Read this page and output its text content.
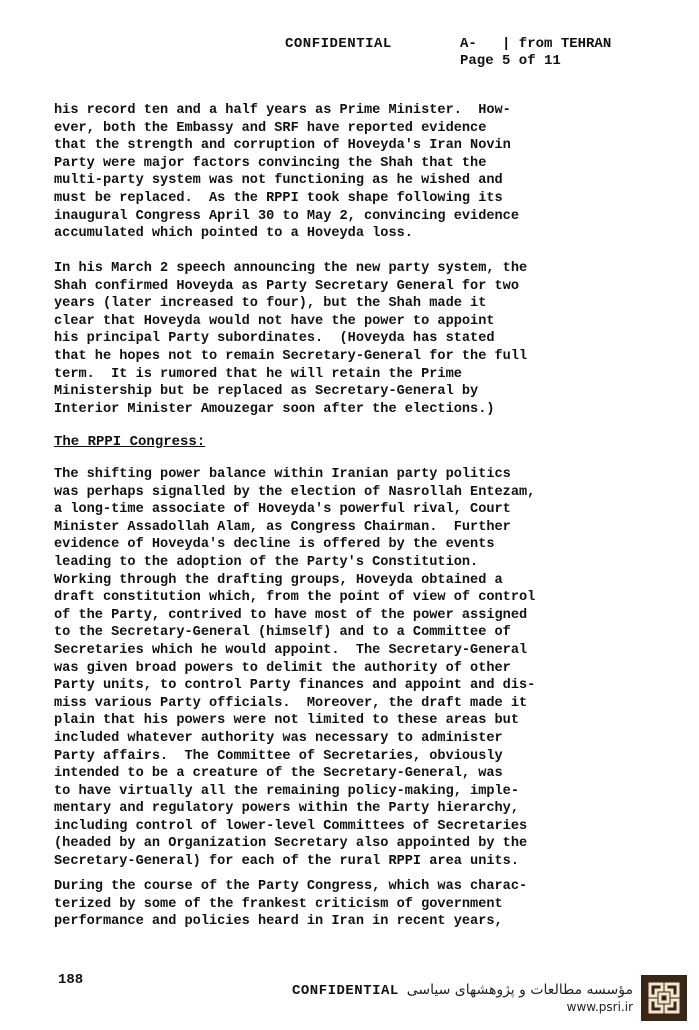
CONFIDENTIAL	A-   | from TEHRAN
Page 5 of 11

his record ten and a half years as Prime Minister.  How-
ever, both the Embassy and SRF have reported evidence
that the strength and corruption of Hoveyda's Iran Novin
Party were major factors convincing the Shah that the
multi-party system was not functioning as he wished and
must be replaced.  As the RPPI took shape following its
inaugural Congress April 30 to May 2, convincing evidence
accumulated which pointed to a Hoveyda loss.

In his March 2 speech announcing the new party system, the
Shah confirmed Hoveyda as Party Secretary General for two
years (later increased to four), but the Shah made it
clear that Hoveyda would not have the power to appoint
his principal Party subordinates.  (Hoveyda has stated
that he hopes not to remain Secretary-General for the full
term.  It is rumored that he will retain the Prime
Ministership but be replaced as Secretary-General by
Interior Minister Amouzegar soon after the elections.)

The RPPI Congress:

The shifting power balance within Iranian party politics
was perhaps signalled by the election of Nasrollah Entezam,
a long-time associate of Hoveyda's powerful rival, Court
Minister Assadollah Alam, as Congress Chairman.  Further
evidence of Hoveyda's decline is offered by the events
leading to the adoption of the Party's Constitution.
Working through the drafting groups, Hoveyda obtained a
draft constitution which, from the point of view of control
of the Party, contrived to have most of the power assigned
to the Secretary-General (himself) and to a Committee of
Secretaries which he would appoint.  The Secretary-General
was given broad powers to delimit the authority of other
Party units, to control Party finances and appoint and dis-
miss various Party officials.  Moreover, the draft made it
plain that his powers were not limited to these areas but
included whatever authority was necessary to administer
Party affairs.  The Committee of Secretaries, obviously
intended to be a creature of the Secretary-General, was
to have virtually all the remaining policy-making, imple-
mentary and regulatory powers within the Party hierarchy,
including control of lower-level Committees of Secretaries
(headed by an Organization Secretary also appointed by the
Secretary-General) for each of the rural RPPI area units.

During the course of the Party Congress, which was charac-
terized by some of the frankest criticism of government
performance and policies heard in Iran in recent years,

188
CONFIDENTIAL مؤسسه مطالعات و پژوهشهای سیاسی
www.psri.ir
